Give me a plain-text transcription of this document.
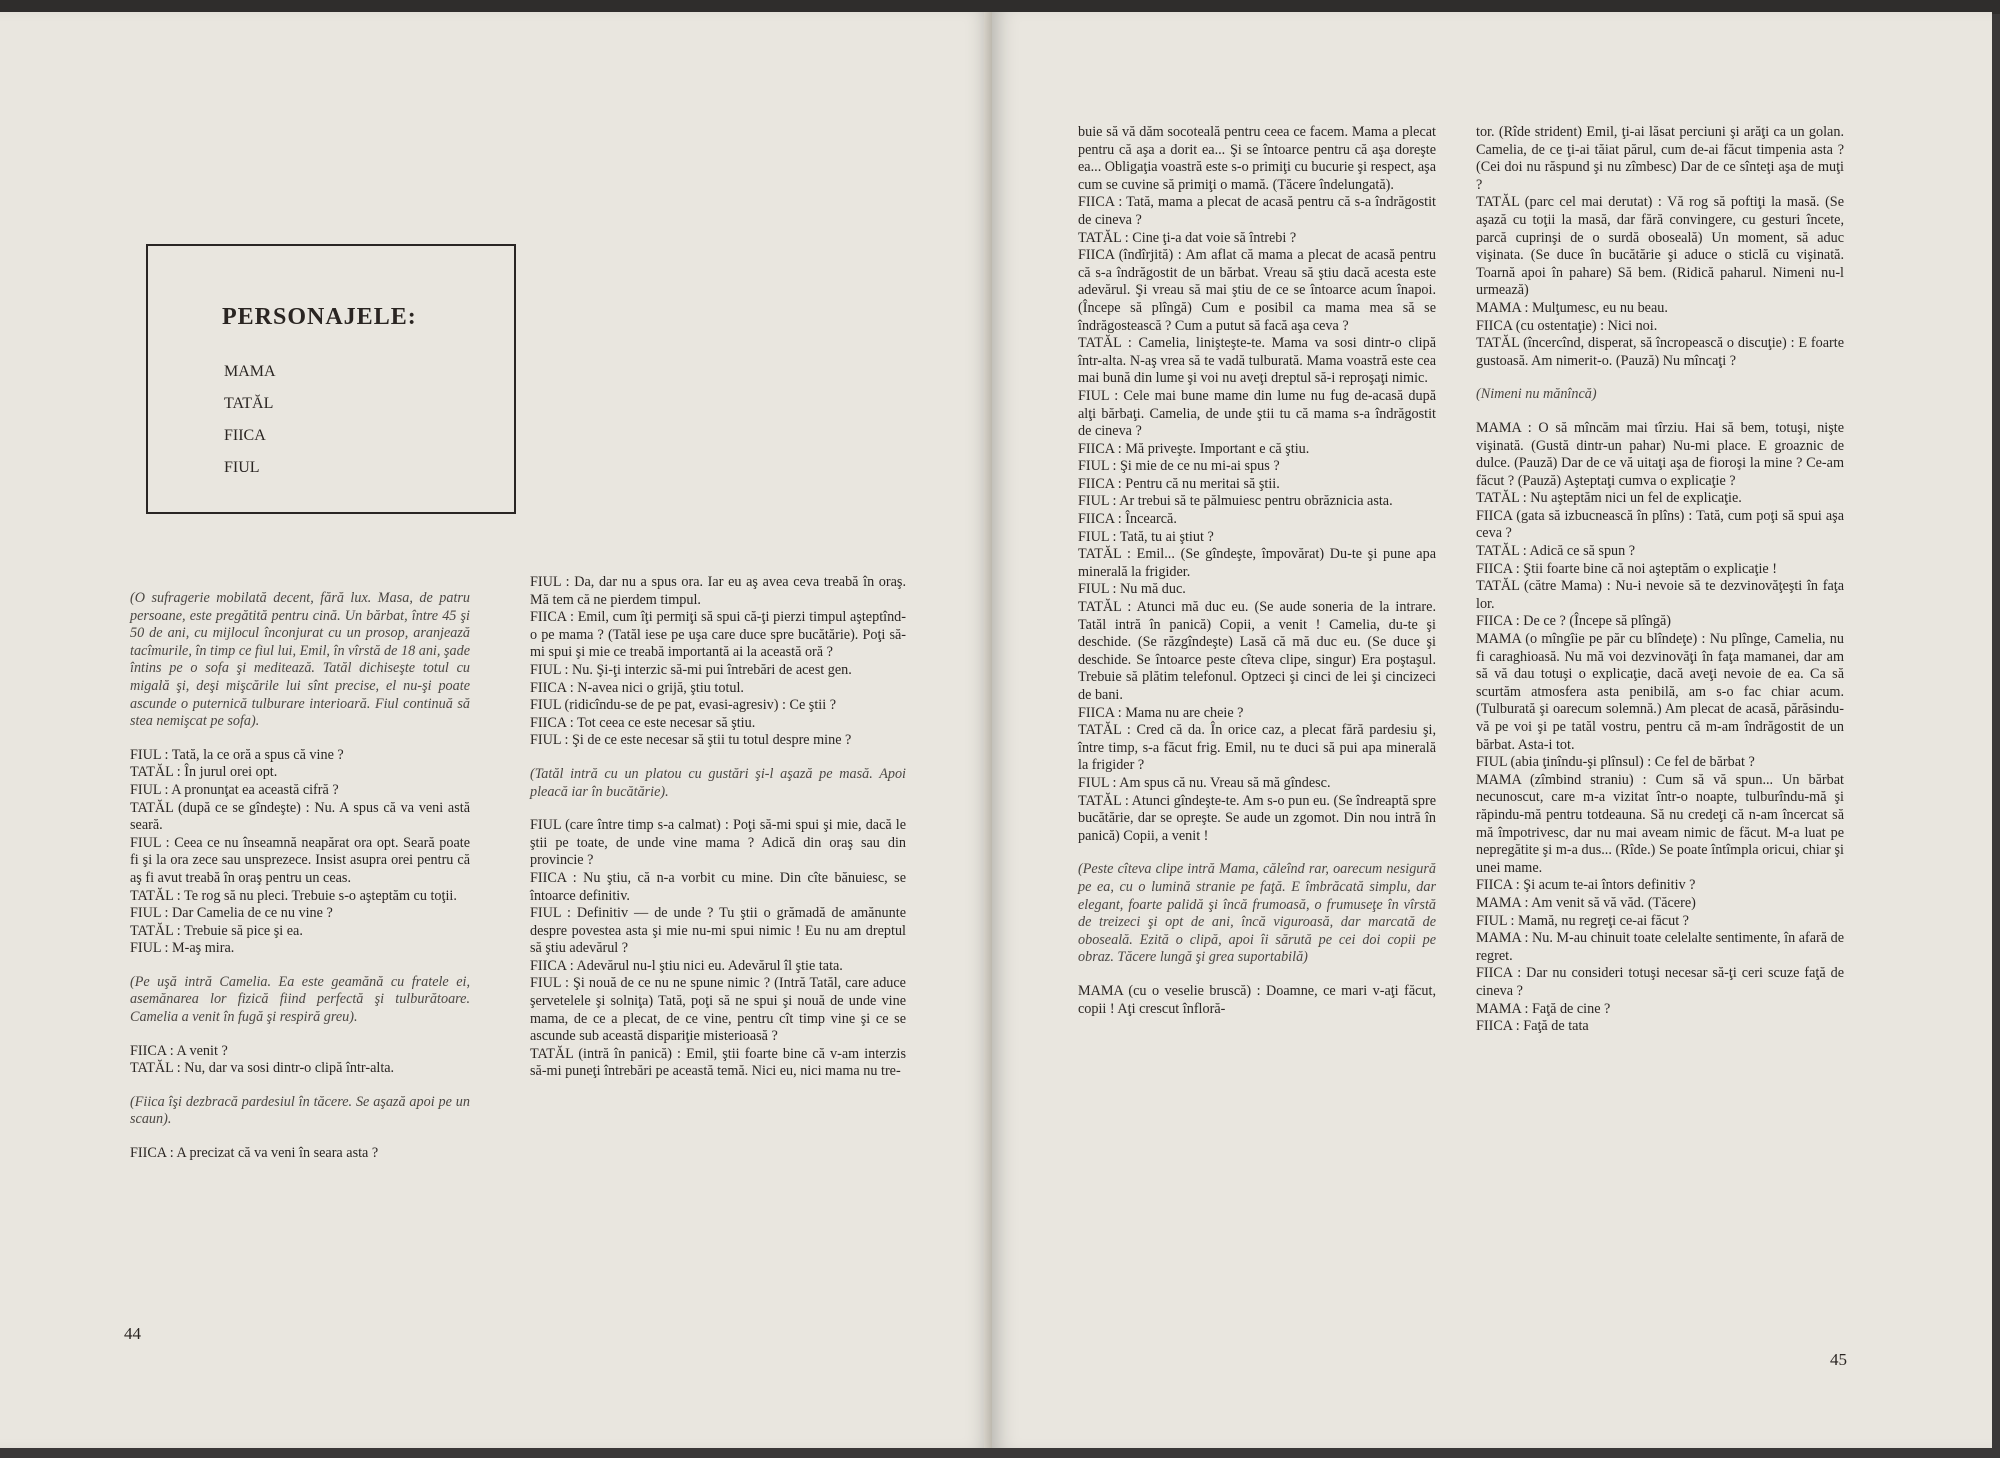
PERSONAJELE:
MAMA
TATĂL
FIICA
FIUL

(O sufragerie mobilată decent, fără lux. Masa, de patru persoane, este pregătită pentru cină. Un bărbat, între 45 şi 50 de ani, cu mijlocul înconjurat cu un prosop, aranjează tacîmurile, în timp ce fiul lui, Emil, în vîrstă de 18 ani, şade întins pe o sofa şi meditează. Tatăl dichiseşte totul cu migală şi, deşi mişcările lui sînt precise, el nu-şi poate ascunde o puternică tulburare interioară. Fiul continuă să stea nemişcat pe sofa).

FIUL : Tată, la ce oră a spus că vine ?

TATĂL : În jurul orei opt.

FIUL : A pronunţat ea această cifră ?

TATĂL (după ce se gîndeşte) : Nu. A spus că va veni astă seară.

FIUL : Ceea ce nu înseamnă neapărat ora opt. Seară poate fi şi la ora zece sau unsprezece. Insist asupra orei pentru că aş fi avut treabă în oraş pentru un ceas.

TATĂL : Te rog să nu pleci. Trebuie s-o aşteptăm cu toţii.

FIUL : Dar Camelia de ce nu vine ?

TATĂL : Trebuie să pice şi ea.

FIUL : M-aş mira.

(Pe uşă intră Camelia. Ea este geamănă cu fratele ei, asemănarea lor fizică fiind perfectă şi tulburătoare. Camelia a venit în fugă şi respiră greu).

FIICA : A venit ?

TATĂL : Nu, dar va sosi dintr-o clipă într-alta.

(Fiica îşi dezbracă pardesiul în tăcere. Se aşază apoi pe un scaun).

FIICA : A precizat că va veni în seara asta ?

FIUL : Da, dar nu a spus ora. Iar eu aş avea ceva treabă în oraş. Mă tem că ne pierdem timpul.

FIICA : Emil, cum îţi permiţi să spui că-ţi pierzi timpul aşteptînd-o pe mama ? (Tatăl iese pe uşa care duce spre bucătărie). Poţi să-mi spui şi mie ce treabă importantă ai la această oră ?

FIUL : Nu. Şi-ţi interzic să-mi pui întrebări de acest gen.

FIICA : N-avea nici o grijă, ştiu totul.

FIUL (ridicîndu-se de pe pat, evasi-agresiv) : Ce ştii ?

FIICA : Tot ceea ce este necesar să ştiu.

FIUL : Şi de ce este necesar să ştii tu totul despre mine ?

(Tatăl intră cu un platou cu gustări şi-l aşază pe masă. Apoi pleacă iar în bucătărie).

FIUL (care între timp s-a calmat) : Poţi să-mi spui şi mie, dacă le ştii pe toate, de unde vine mama ? Adică din oraş sau din provincie ?

FIICA : Nu ştiu, că n-a vorbit cu mine. Din cîte bănuiesc, se întoarce definitiv.

FIUL : Definitiv — de unde ? Tu ştii o grămadă de amănunte despre povestea asta şi mie nu-mi spui nimic ! Eu nu am dreptul să ştiu adevărul ?

FIICA : Adevărul nu-l ştiu nici eu. Adevărul îl ştie tata.

FIUL : Şi nouă de ce nu ne spune nimic ? (Intră Tatăl, care aduce şervetelele şi solniţa) Tată, poţi să ne spui şi nouă de unde vine mama, de ce a plecat, de ce vine, pentru cît timp vine şi ce se ascunde sub această dispariţie misterioasă ?

TATĂL (intră în panică) : Emil, ştii foarte bine că v-am interzis să-mi puneţi întrebări pe această temă. Nici eu, nici mama nu tre-

44

buie să vă dăm socoteală pentru ceea ce facem. Mama a plecat pentru că aşa a dorit ea... Şi se întoarce pentru că aşa doreşte ea... Obligaţia voastră este s-o primiţi cu bucurie şi respect, aşa cum se cuvine să primiţi o mamă. (Tăcere îndelungată).

FIICA : Tată, mama a plecat de acasă pentru că s-a îndrăgostit de cineva ?

TATĂL : Cine ţi-a dat voie să întrebi ?

FIICA (îndîrjită) : Am aflat că mama a plecat de acasă pentru că s-a îndrăgostit de un bărbat. Vreau să ştiu dacă acesta este adevărul. Şi vreau să mai ştiu de ce se întoarce acum înapoi. (Începe să plîngă) Cum e posibil ca mama mea să se îndrăgostească ? Cum a putut să facă aşa ceva ?

TATĂL : Camelia, linişteşte-te. Mama va sosi dintr-o clipă într-alta. N-aş vrea să te vadă tulburată. Mama voastră este cea mai bună din lume şi voi nu aveţi dreptul să-i reproşaţi nimic.

FIUL : Cele mai bune mame din lume nu fug de-acasă după alţi bărbaţi. Camelia, de unde ştii tu că mama s-a îndrăgostit de cineva ?

FIICA : Mă priveşte. Important e că ştiu.

FIUL : Şi mie de ce nu mi-ai spus ?

FIICA : Pentru că nu meritai să ştii.

FIUL : Ar trebui să te pălmuiesc pentru obrăznicia asta.

FIICA : Încearcă.

FIUL : Tată, tu ai ştiut ?

TATĂL : Emil... (Se gîndeşte, împovărat) Du-te şi pune apa minerală la frigider.

FIUL : Nu mă duc.

TATĂL : Atunci mă duc eu. (Se aude soneria de la intrare. Tatăl intră în panică) Copii, a venit ! Camelia, du-te şi deschide. (Se răzgîndeşte) Lasă că mă duc eu. (Se duce şi deschide. Se întoarce peste cîteva clipe, singur) Era poştaşul. Trebuie să plătim telefonul. Optzeci şi cinci de lei şi cincizeci de bani.

FIICA : Mama nu are cheie ?

TATĂL : Cred că da. În orice caz, a plecat fără pardesiu şi, între timp, s-a făcut frig. Emil, nu te duci să pui apa minerală la frigider ?

FIUL : Am spus că nu. Vreau să mă gîndesc.

TATĂL : Atunci gîndeşte-te. Am s-o pun eu. (Se îndreaptă spre bucătărie, dar se opreşte. Se aude un zgomot. Din nou intră în panică) Copii, a venit !

(Peste cîteva clipe intră Mama, căleînd rar, oarecum nesigură pe ea, cu o lumină stranie pe faţă. E îmbrăcată simplu, dar elegant, foarte palidă şi încă frumoasă, o frumuseţe în vîrstă de treizeci şi opt de ani, încă viguroasă, dar marcată de oboseală. Ezită o clipă, apoi îi sărută pe cei doi copii pe obraz. Tăcere lungă şi grea suportabilă)

MAMA (cu o veselie bruscă) : Doamne, ce mari v-aţi făcut, copii ! Aţi crescut înfloră-

tor. (Rîde strident) Emil, ţi-ai lăsat perciuni şi arăţi ca un golan. Camelia, de ce ţi-ai tăiat părul, cum de-ai făcut timpenia asta ? (Cei doi nu răspund şi nu zîmbesc) Dar de ce sînteţi aşa de muţi ?

TATĂL (parc cel mai derutat) : Vă rog să poftiţi la masă. (Se aşază cu toţii la masă, dar fără convingere, cu gesturi încete, parcă cuprinşi de o surdă oboseală) Un moment, să aduc vişinata. (Se duce în bucătărie şi aduce o sticlă cu vişinată. Toarnă apoi în pahare) Să bem. (Ridică paharul. Nimeni nu-l urmează)

MAMA : Mulţumesc, eu nu beau.

FIICA (cu ostentaţie) : Nici noi.

TATĂL (încercînd, disperat, să încropească o discuţie) : E foarte gustoasă. Am nimerit-o. (Pauză) Nu mîncaţi ?

(Nimeni nu mănîncă)

MAMA : O să mîncăm mai tîrziu. Hai să bem, totuşi, nişte vişinată. (Gustă dintr-un pahar) Nu-mi place. E groaznic de dulce. (Pauză) Dar de ce vă uitaţi aşa de fioroşi la mine ? Ce-am făcut ? (Pauză) Aşteptaţi cumva o explicaţie ?

TATĂL : Nu aşteptăm nici un fel de explicaţie.

FIICA (gata să izbucnească în plîns) : Tată, cum poţi să spui aşa ceva ?

TATĂL : Adică ce să spun ?

FIICA : Ştii foarte bine că noi aşteptăm o explicaţie !

TATĂL (către Mama) : Nu-i nevoie să te dezvinovăţeşti în faţa lor.

FIICA : De ce ? (Începe să plîngă)

MAMA (o mîngîie pe păr cu blîndeţe) : Nu plînge, Camelia, nu fi caraghioasă. Nu mă voi dezvinovăţi în faţa mamanei, dar am să vă dau totuşi o explicaţie, dacă aveţi nevoie de ea. Ca să scurtăm atmosfera asta penibilă, am s-o fac chiar acum. (Tulburată şi oarecum solemnă.) Am plecat de acasă, părăsindu-vă pe voi şi pe tatăl vostru, pentru că m-am îndrăgostit de un bărbat. Asta-i tot.

FIUL (abia ţinîndu-şi plînsul) : Ce fel de bărbat ?

MAMA (zîmbind straniu) : Cum să vă spun... Un bărbat necunoscut, care m-a vizitat într-o noapte, tulburîndu-mă şi răpindu-mă pentru totdeauna. Să nu credeţi că n-am încercat să mă împotrivesc, dar nu mai aveam nimic de făcut. M-a luat pe nepregătite şi m-a dus... (Rîde.) Se poate întîmpla oricui, chiar şi unei mame.

FIICA : Şi acum te-ai întors definitiv ?

MAMA : Am venit să vă văd. (Tăcere)

FIUL : Mamă, nu regreţi ce-ai făcut ?

MAMA : Nu. M-au chinuit toate celelalte sentimente, în afară de regret.

FIICA : Dar nu consideri totuşi necesar să-ţi ceri scuze faţă de cineva ?

MAMA : Faţă de cine ?

FIICA : Faţă de tata

45
